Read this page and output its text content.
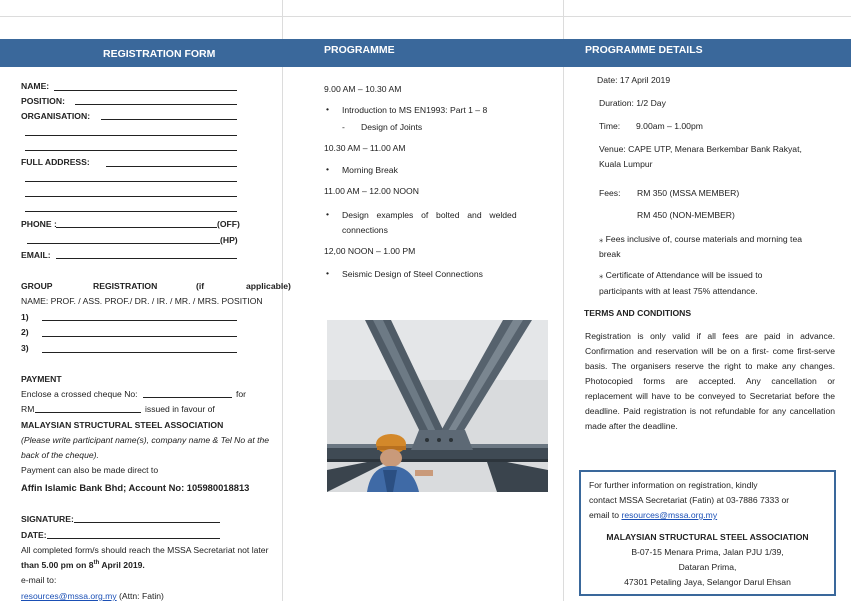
REGISTRATION FORM	PROGRAMME	PROGRAMME DETAILS
NAME:
POSITION:
ORGANISATION:
FULL ADDRESS:
PHONE :	(OFF)
(HP)
EMAIL:
GROUP	REGISTRATION	(if	applicable)
NAME: PROF. / ASS. PROF./ DR. / IR. / MR. / MRS. POSITION
1)
2)
3)
PAYMENT
Enclose a crossed cheque No:	for
RM	issued in favour of
MALAYSIAN STRUCTURAL STEEL ASSOCIATION
(Please write participant name(s), company name & Tel No at the
back of the cheque).
Payment can also be made direct to
Affin Islamic Bank Bhd; Account No: 105980018813
SIGNATURE:
DATE:
All completed form/s should reach the MSSA Secretariat not later
than 5.00 pm on 8th April 2019.
e-mail to:
resources@mssa.org.my (Attn: Fatin)
9.00 AM – 10.30 AM
• Introduction to MS EN1993: Part 1 – 8
- Design of Joints
10.30 AM – 11.00 AM
• Morning Break
11.00 AM – 12.00 NOON
• Design examples of bolted and welded
connections
12,00 NOON – 1.00 PM
• Seismic Design of Steel Connections
Date: 17 April 2019
Duration: 1/2 Day
Time: 9.00am – 1.00pm
Venue: CAPE UTP, Menara Berkembar Bank Rakyat,
Kuala Lumpur
Fees: RM 350 (MSSA MEMBER)
RM 450 (NON-MEMBER)
⁎ Fees inclusive of, course materials and morning tea
break
⁎ Certificate of Attendance will be issued to
participants with at least 75% attendance.
TERMS AND CONDITIONS
Registration is only valid if all fees are paid in advance. Confirmation and reservation will be on a first- come first-serve basis. The organisers reserve the right to make any changes. Photocopied forms are accepted. Any cancellation or replacement will have to be conveyed to Secretariat before the deadline. Paid registration is not refundable for any cancellation made after the deadline.
For further information on registration, kindly
contact MSSA Secretariat (Fatin) at 03-7886 7333 or
email to resources@mssa.org.my
MALAYSIAN STRUCTURAL STEEL ASSOCIATION
B-07-15 Menara Prima, Jalan PJU 1/39,
Dataran Prima,
47301 Petaling Jaya, Selangor Darul Ehsan
